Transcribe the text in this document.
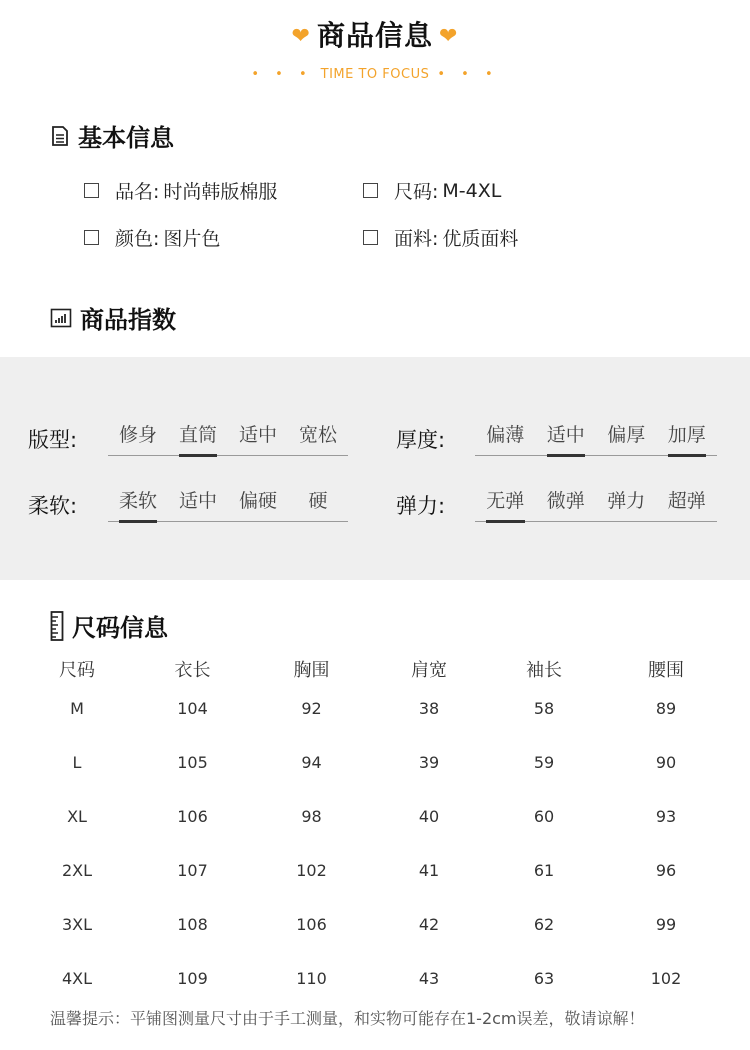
❤ 商品信息 ❤
• • • TIME TO FOCUS • • •
基本信息
品名: 时尚韩版棉服	尺码: M-4XL
颜色: 图片色	面料: 优质面料
商品指数
版型:	修身	直筒	适中	宽松	厚度:	偏薄	适中	偏厚	加厚
柔软:	柔软	适中	偏硬	硬	弹力:	无弹	微弹	弹力	超弹
尺码信息
尺码	衣长	胸围	肩宽	袖长	腰围
M	104	92	38	58	89
L	105	94	39	59	90
XL	106	98	40	60	93
2XL	107	102	41	61	96
3XL	108	106	42	62	99
4XL	109	110	43	63	102
温馨提示：平铺图测量尺寸由于手工测量，和实物可能存在1-2cm误差，敬请谅解！
